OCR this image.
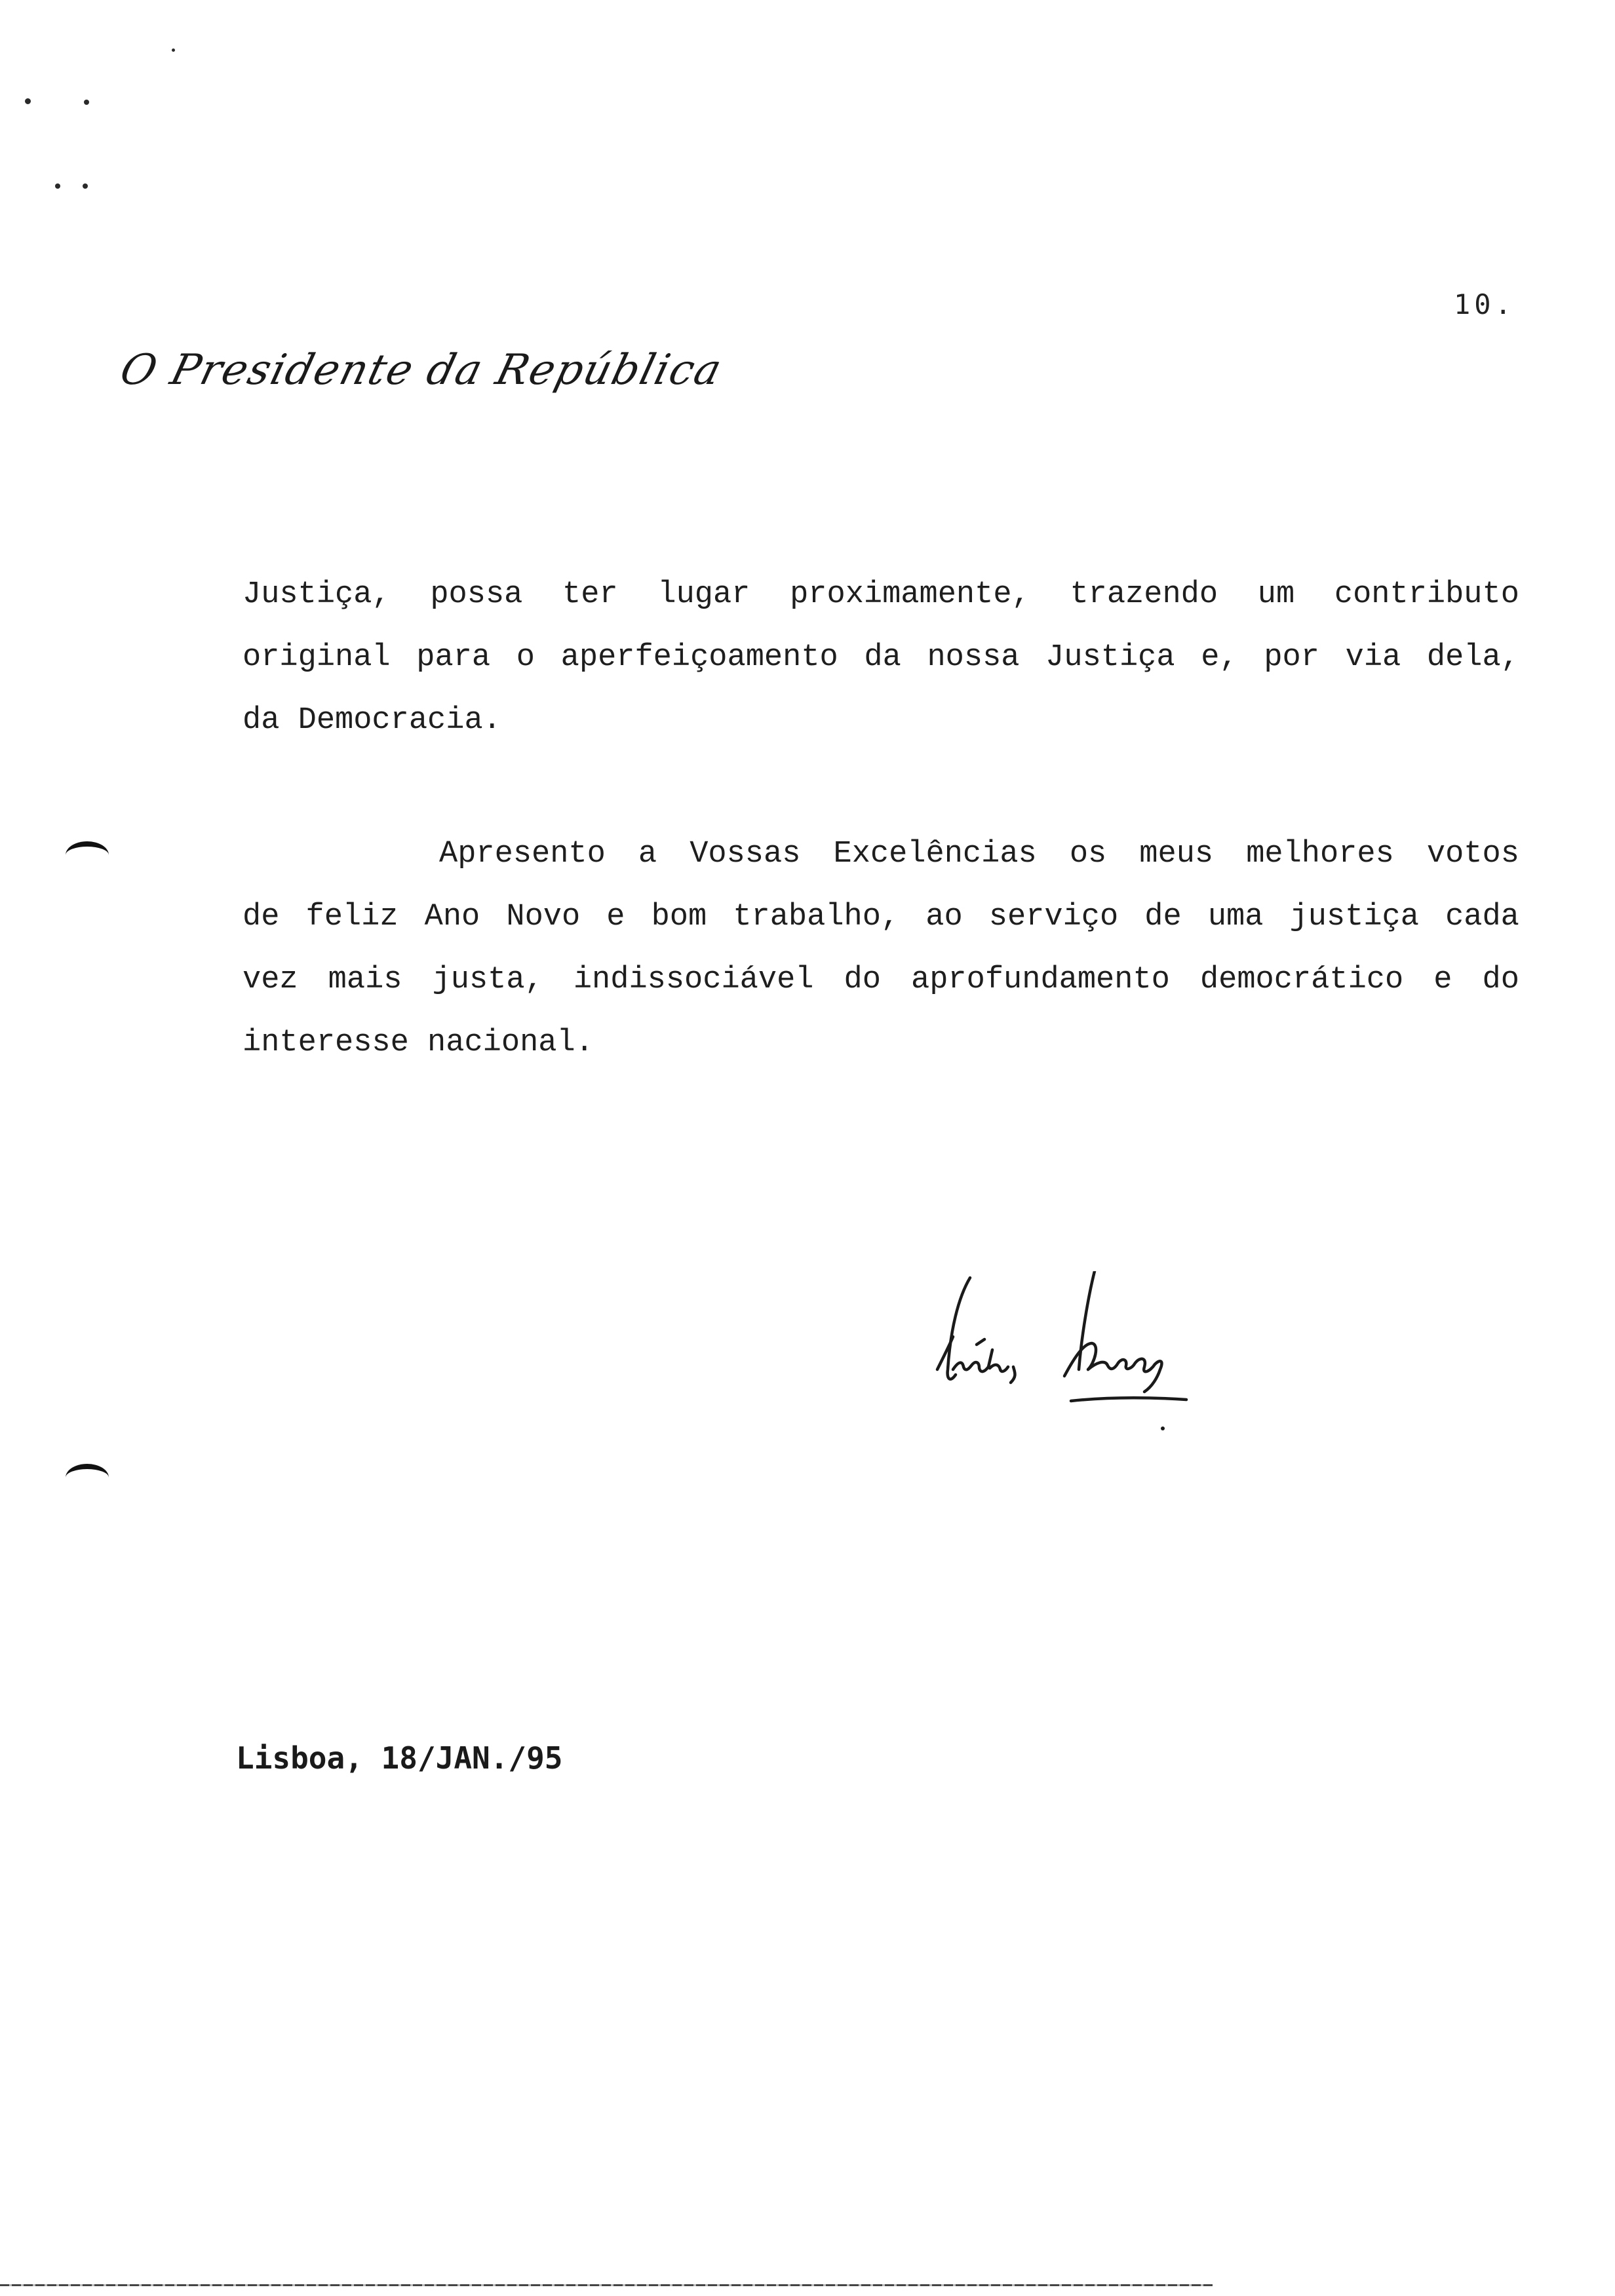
10.
O Presidente da República
Justiça, possa ter lugar proximamente, trazendo um contributo
original para o aperfeiçoamento da nossa Justiça e, por via dela,
da Democracia.
Apresento a Vossas Excelências os meus melhores votos
de feliz Ano Novo e bom trabalho, ao serviço de uma justiça cada
vez mais justa, indissociável do aprofundamento democrático e do
interesse nacional.
Lisboa, 18/JAN./95
